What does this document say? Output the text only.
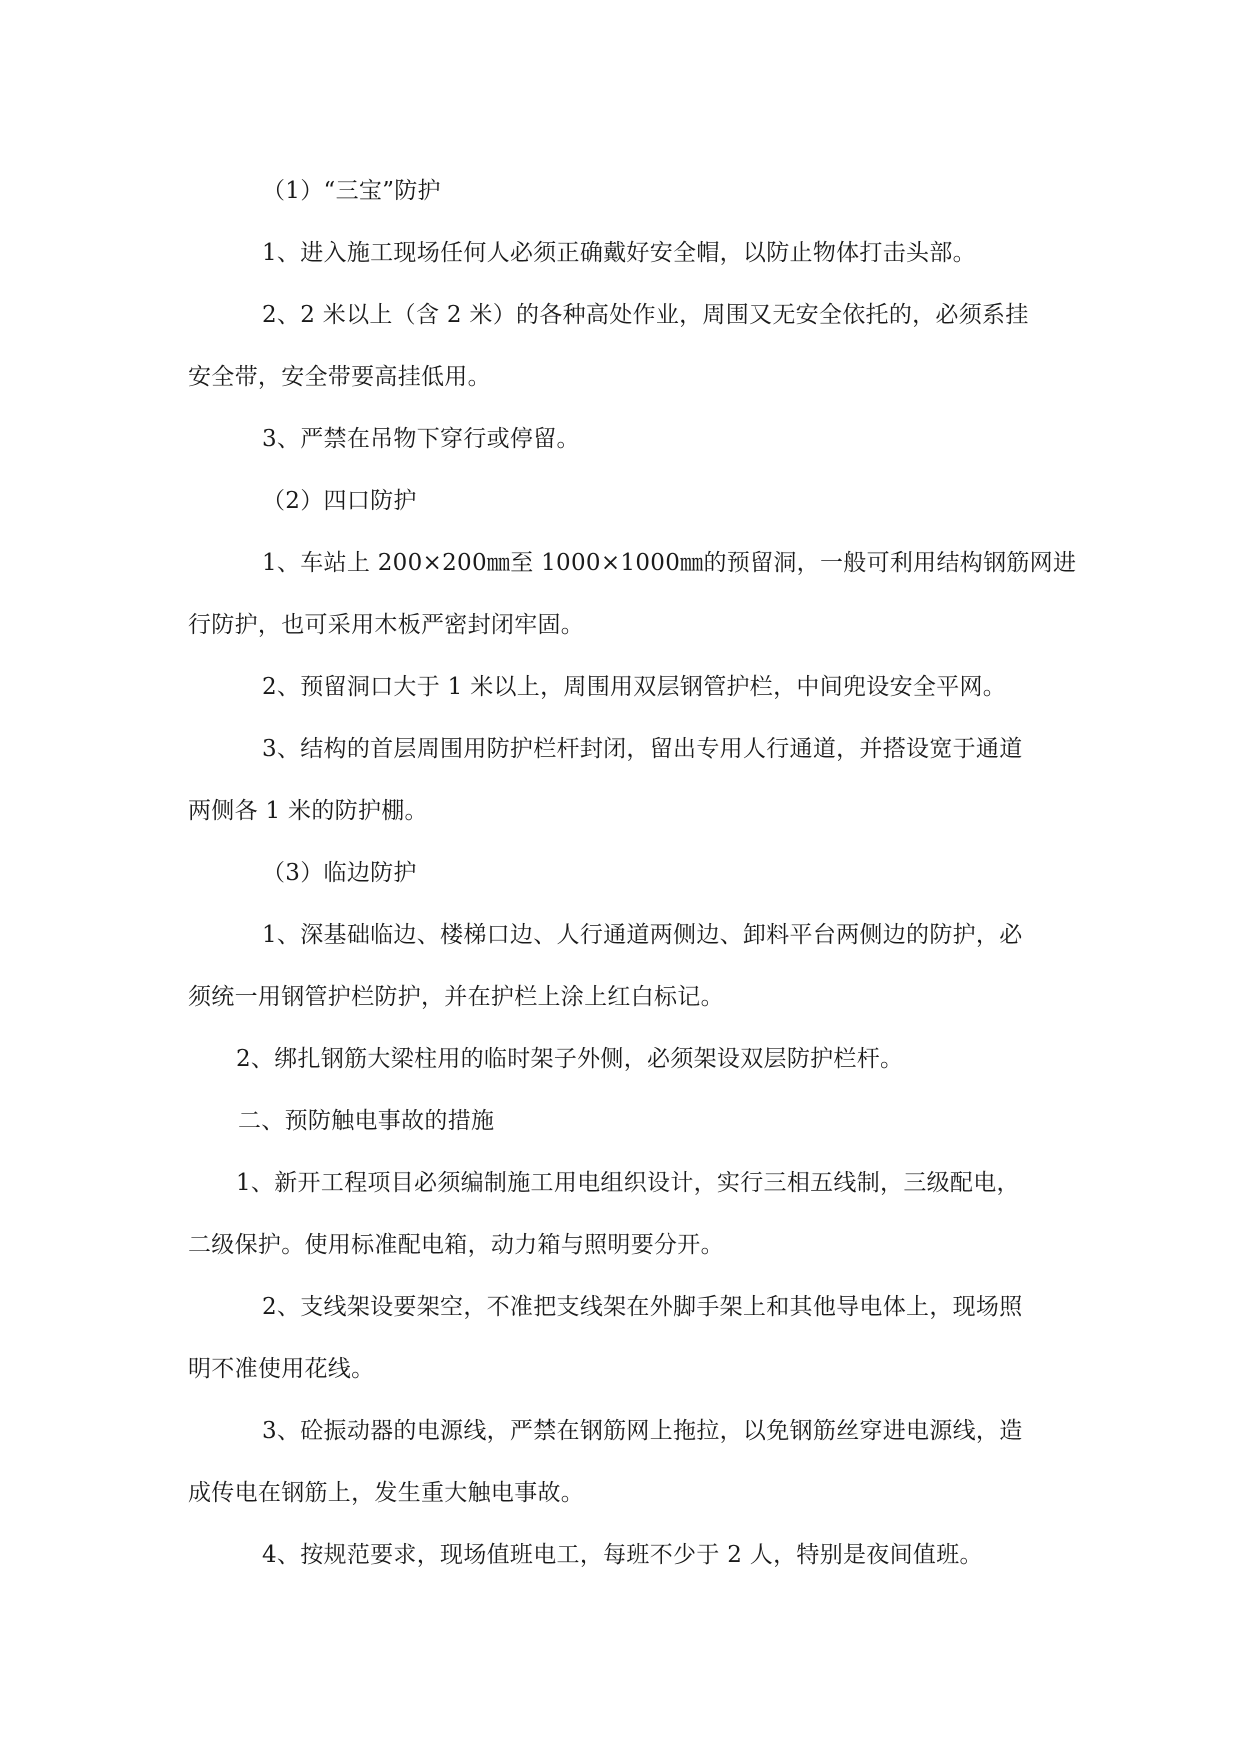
（1）“三宝”防护
1、进入施工现场任何人必须正确戴好安全帽，以防止物体打击头部。
2、2 米以上（含 2 米）的各种高处作业，周围又无安全依托的，必须系挂
安全带，安全带要高挂低用。
3、严禁在吊物下穿行或停留。
（2）四口防护
1、车站上 200×200㎜至 1000×1000㎜的预留洞，一般可利用结构钢筋网进
行防护，也可采用木板严密封闭牢固。
2、预留洞口大于 1 米以上，周围用双层钢管护栏，中间兜设安全平网。
3、结构的首层周围用防护栏杆封闭，留出专用人行通道，并搭设宽于通道
两侧各 1 米的防护棚。
（3）临边防护
1、深基础临边、楼梯口边、人行通道两侧边、卸料平台两侧边的防护，必
须统一用钢管护栏防护，并在护栏上涂上红白标记。
2、绑扎钢筋大梁柱用的临时架子外侧，必须架设双层防护栏杆。
二、预防触电事故的措施
1、新开工程项目必须编制施工用电组织设计，实行三相五线制，三级配电，
二级保护。使用标准配电箱，动力箱与照明要分开。
2、支线架设要架空，不准把支线架在外脚手架上和其他导电体上，现场照
明不准使用花线。
3、砼振动器的电源线，严禁在钢筋网上拖拉，以免钢筋丝穿进电源线，造
成传电在钢筋上，发生重大触电事故。
4、按规范要求，现场值班电工，每班不少于 2 人，特别是夜间值班。
